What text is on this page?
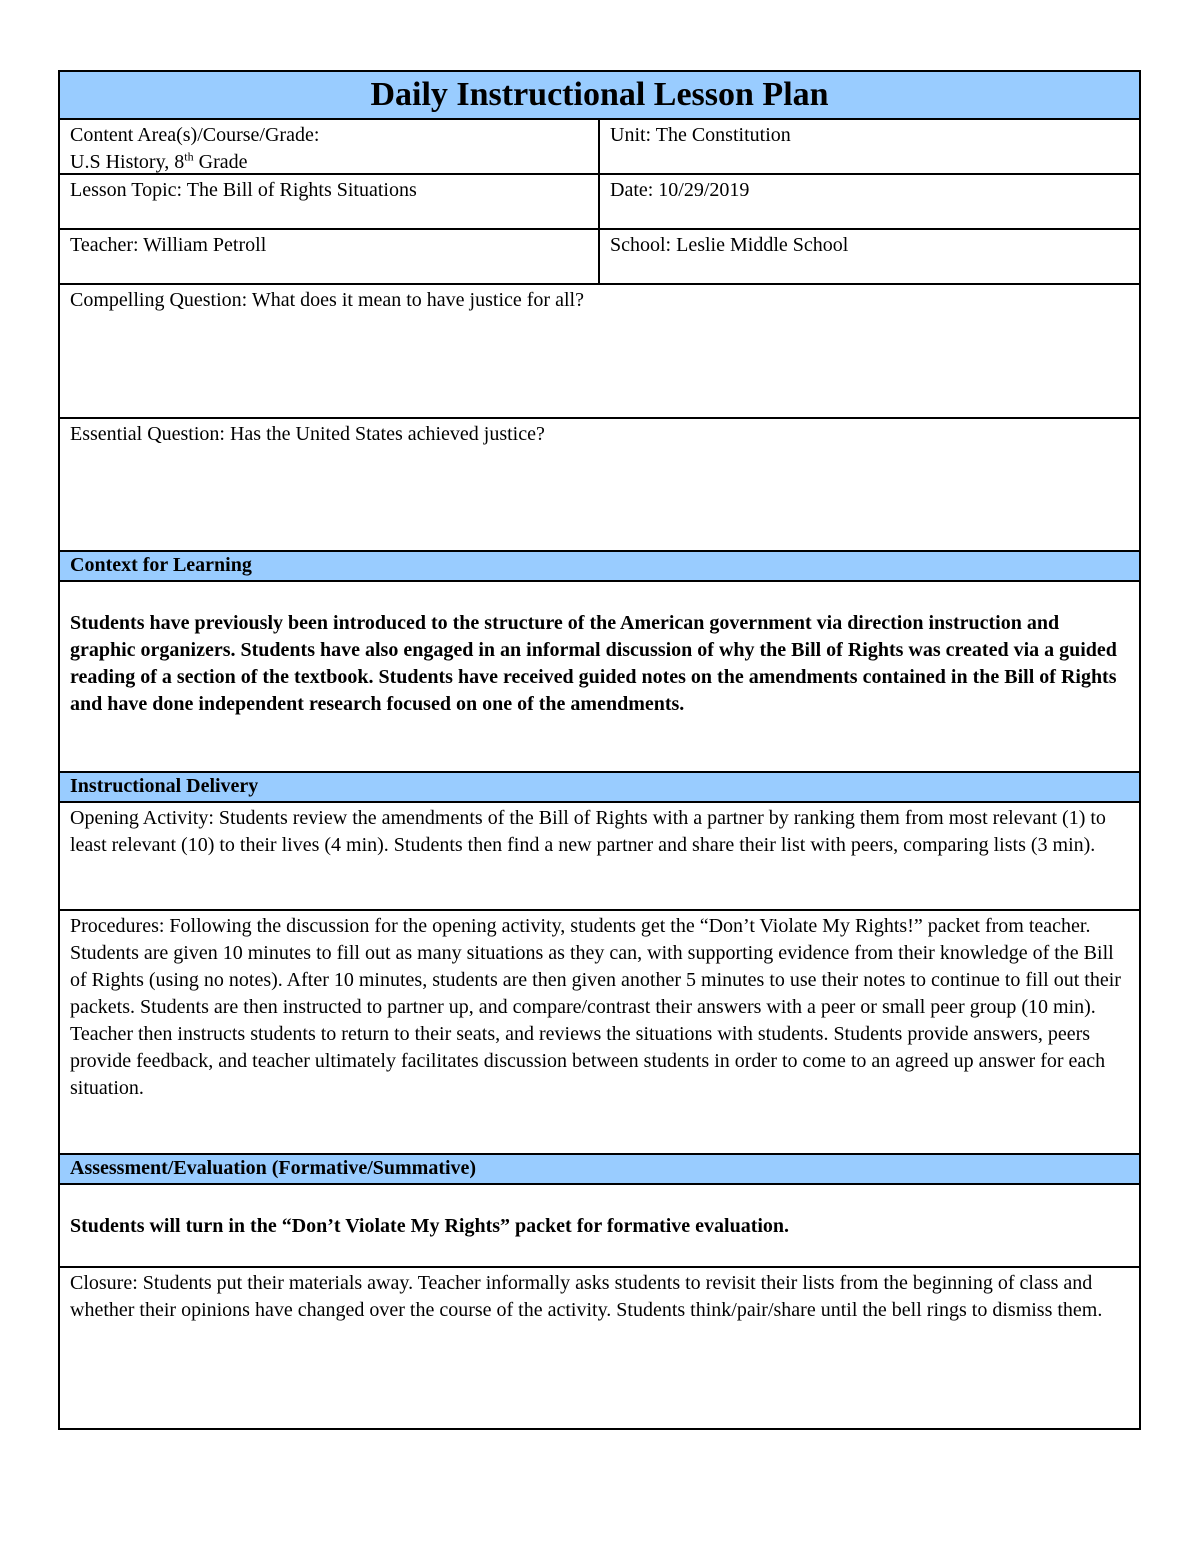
Daily Instructional Lesson Plan
Content Area(s)/Course/Grade:
U.S History, 8th Grade
Unit: The Constitution
Lesson Topic: The Bill of Rights Situations	Date: 10/29/2019
Teacher: William Petroll	School: Leslie Middle School
Compelling Question: What does it mean to have justice for all?
Essential Question: Has the United States achieved justice?
Context for Learning
Students have previously been introduced to the structure of the American government via direction instruction and graphic organizers. Students have also engaged in an informal discussion of why the Bill of Rights was created via a guided reading of a section of the textbook. Students have received guided notes on the amendments contained in the Bill of Rights and have done independent research focused on one of the amendments.
Instructional Delivery
Opening Activity: Students review the amendments of the Bill of Rights with a partner by ranking them from most relevant (1) to least relevant (10) to their lives (4 min). Students then find a new partner and share their list with peers, comparing lists (3 min).
Procedures: Following the discussion for the opening activity, students get the “Don’t Violate My Rights!” packet from teacher. Students are given 10 minutes to fill out as many situations as they can, with supporting evidence from their knowledge of the Bill of Rights (using no notes). After 10 minutes, students are then given another 5 minutes to use their notes to continue to fill out their packets. Students are then instructed to partner up, and compare/contrast their answers with a peer or small peer group (10 min). Teacher then instructs students to return to their seats, and reviews the situations with students. Students provide answers, peers provide feedback, and teacher ultimately facilitates discussion between students in order to come to an agreed up answer for each situation.
Assessment/Evaluation (Formative/Summative)
Students will turn in the “Don’t Violate My Rights” packet for formative evaluation.
Closure: Students put their materials away. Teacher informally asks students to revisit their lists from the beginning of class and whether their opinions have changed over the course of the activity. Students think/pair/share until the bell rings to dismiss them.
